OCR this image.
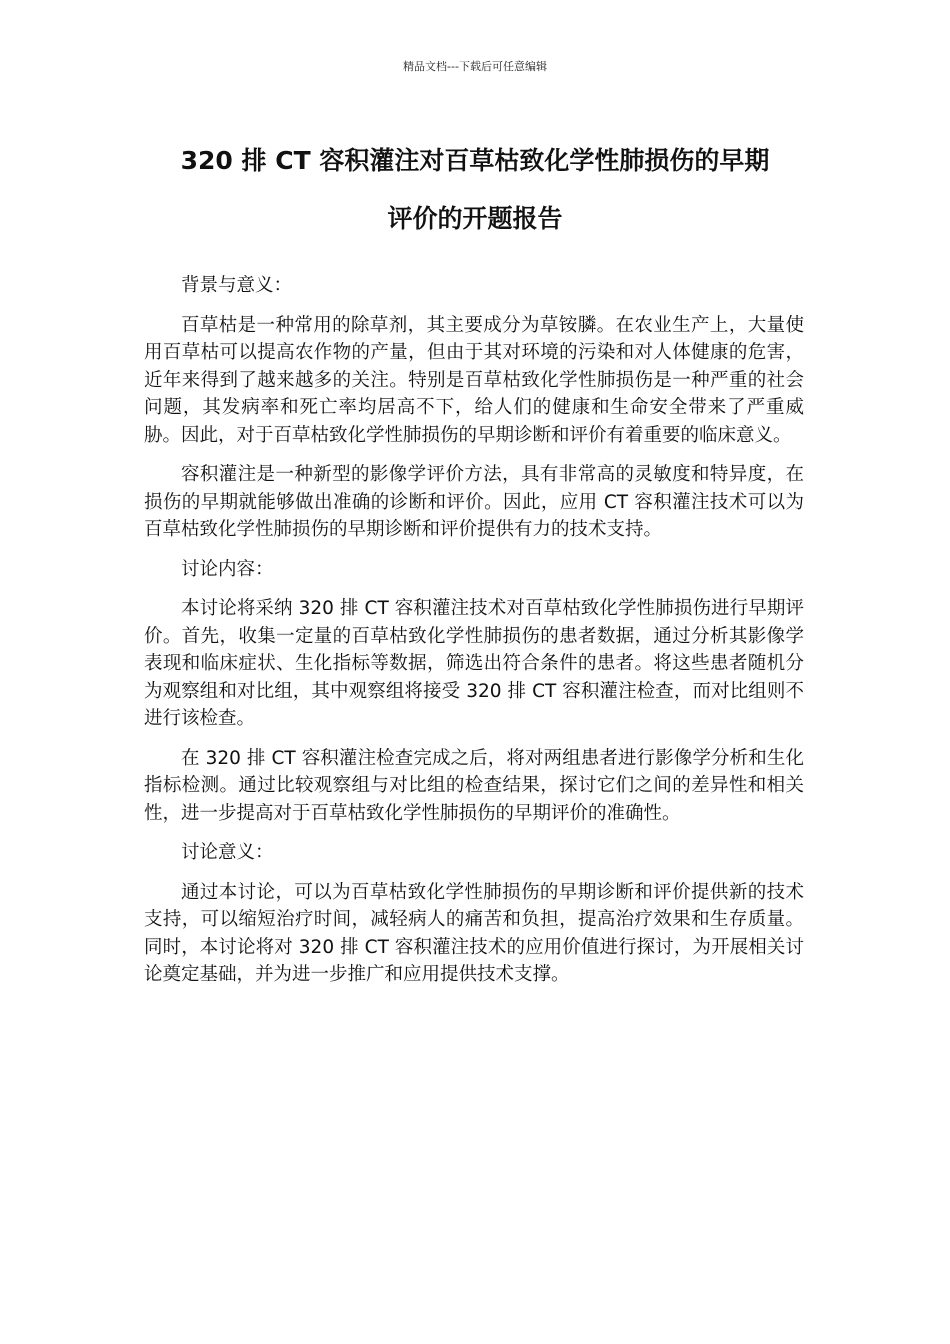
精品文档---下载后可任意编辑
320 排 CT 容积灌注对百草枯致化学性肺损伤的早期
评价的开题报告

背景与意义：

百草枯是一种常用的除草剂，其主要成分为草铵膦。在农业生产上，大量使用百草枯可以提高农作物的产量，但由于其对环境的污染和对人体健康的危害，近年来得到了越来越多的关注。特别是百草枯致化学性肺损伤是一种严重的社会问题，其发病率和死亡率均居高不下，给人们的健康和生命安全带来了严重威胁。因此，对于百草枯致化学性肺损伤的早期诊断和评价有着重要的临床意义。

容积灌注是一种新型的影像学评价方法，具有非常高的灵敏度和特异度，在损伤的早期就能够做出准确的诊断和评价。因此，应用 CT 容积灌注技术可以为百草枯致化学性肺损伤的早期诊断和评价提供有力的技术支持。

讨论内容：

本讨论将采纳 320 排 CT 容积灌注技术对百草枯致化学性肺损伤进行早期评价。首先，收集一定量的百草枯致化学性肺损伤的患者数据，通过分析其影像学表现和临床症状、生化指标等数据，筛选出符合条件的患者。将这些患者随机分为观察组和对比组，其中观察组将接受 320 排 CT 容积灌注检查，而对比组则不进行该检查。

在 320 排 CT 容积灌注检查完成之后，将对两组患者进行影像学分析和生化指标检测。通过比较观察组与对比组的检查结果，探讨它们之间的差异性和相关性，进一步提高对于百草枯致化学性肺损伤的早期评价的准确性。

讨论意义：

通过本讨论，可以为百草枯致化学性肺损伤的早期诊断和评价提供新的技术支持，可以缩短治疗时间，减轻病人的痛苦和负担，提高治疗效果和生存质量。同时，本讨论将对 320 排 CT 容积灌注技术的应用价值进行探讨，为开展相关讨论奠定基础，并为进一步推广和应用提供技术支撑。
